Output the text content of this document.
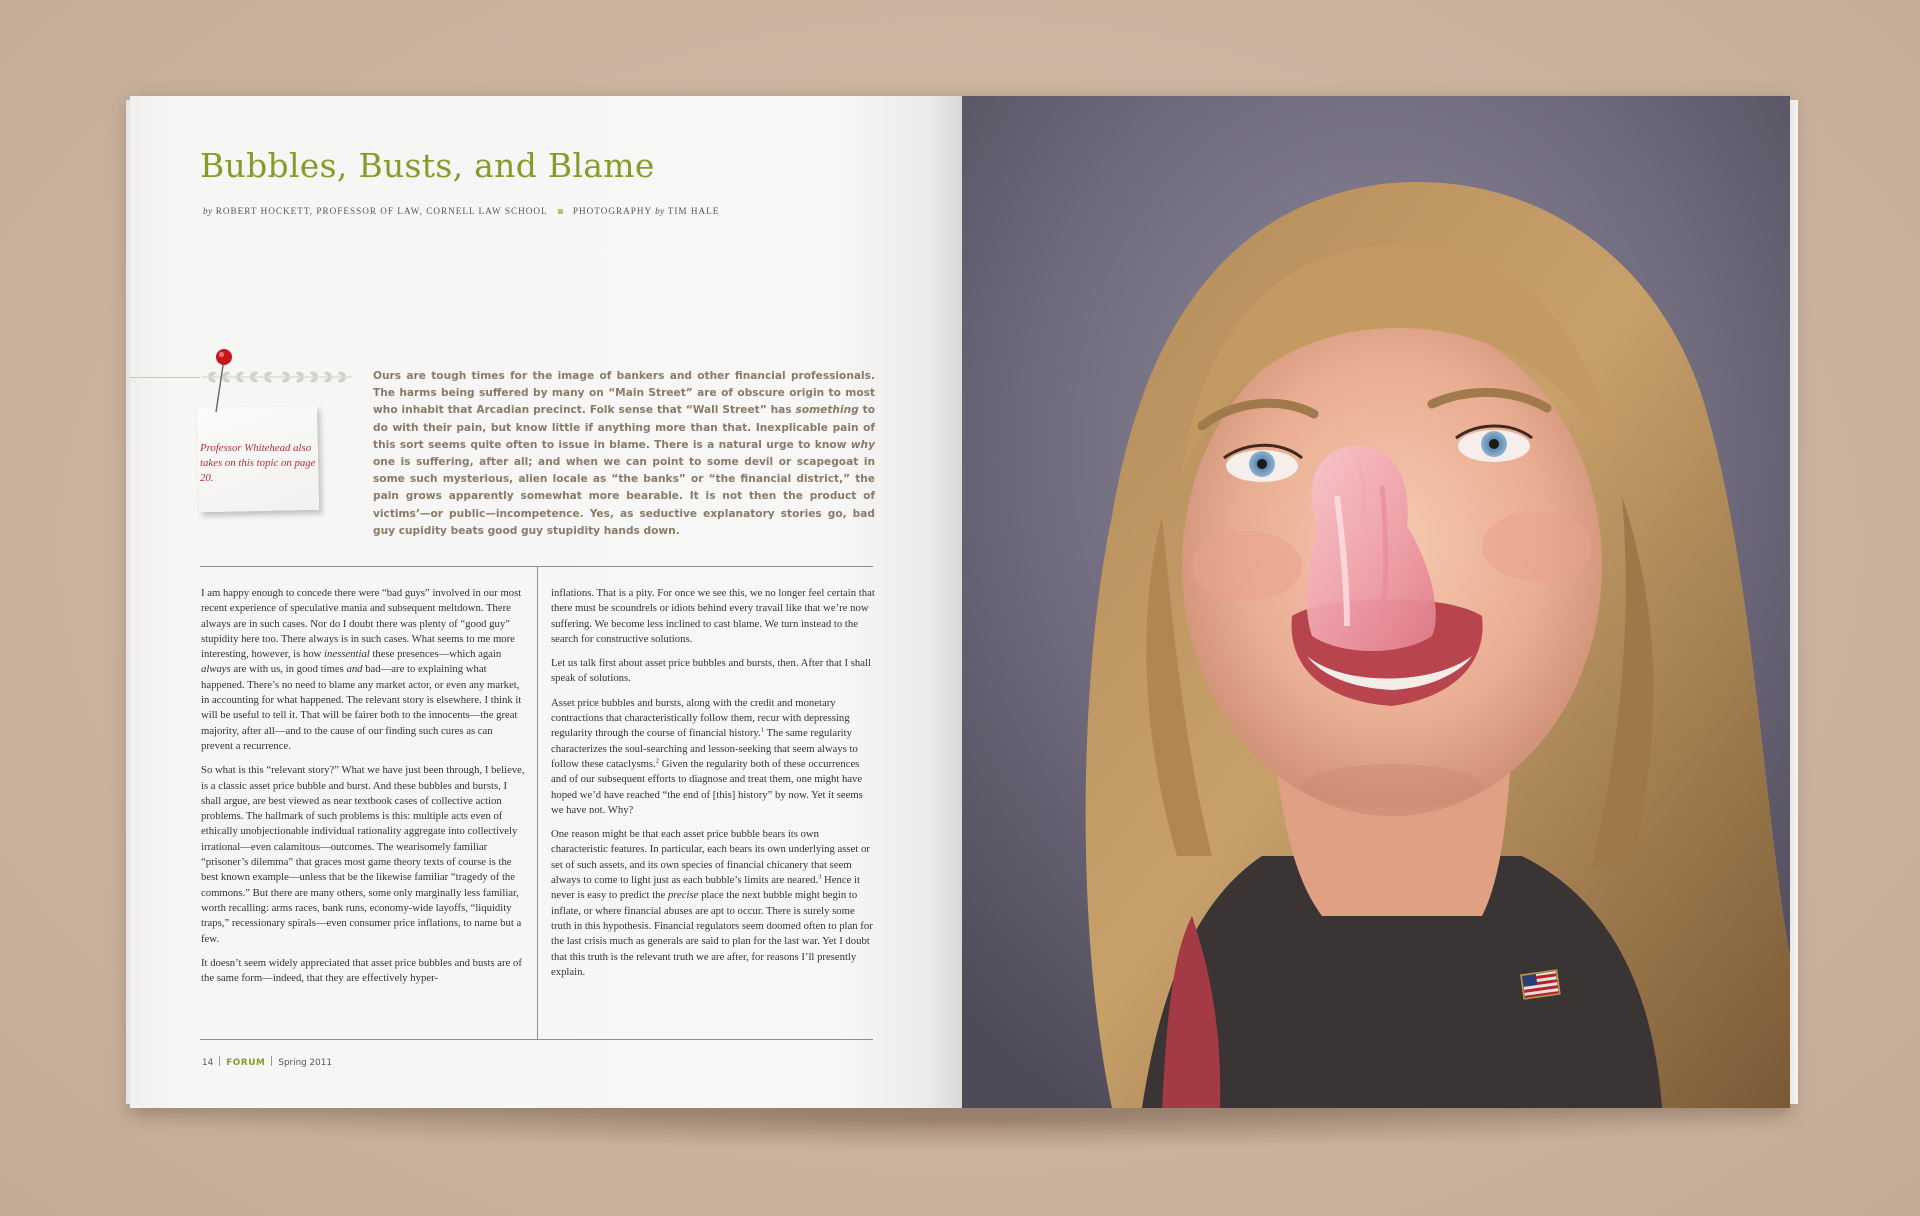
Bubbles, Busts, and Blame
by ROBERT HOCKETT, PROFESSOR OF LAW, CORNELL LAW SCHOOL	PHOTOGRAPHY by TIM HALE
Professor Whitehead also takes on this topic on page 20.
Ours are tough times for the image of bankers and other financial professionals. The harms being suffered by many on “Main Street” are of obscure origin to most who inhabit that Arcadian precinct. Folk sense that “Wall Street” has something to do with their pain, but know little if anything more than that. Inexplicable pain of this sort seems quite often to issue in blame. There is a natural urge to know why one is suffering, after all; and when we can point to some devil or scapegoat in some such mysterious, alien locale as “the banks” or “the financial district,” the pain grows apparently somewhat more bearable. It is not then the product of victims’—or public—incompetence. Yes, as seductive explanatory stories go, bad guy cupidity beats good guy stupidity hands down.

I am happy enough to concede there were “bad guys” involved in our most recent experience of speculative mania and subsequent meltdown. There always are in such cases. Nor do I doubt there was plenty of “good guy” stupidity here too. There always is in such cases. What seems to me more interesting, however, is how inessential these presences—which again always are with us, in good times and bad—are to explaining what happened. There’s no need to blame any market actor, or even any market, in accounting for what happened. The relevant story is elsewhere. I think it will be useful to tell it. That will be fairer both to the innocents—the great majority, after all—and to the cause of our finding such cures as can prevent a recurrence.

So what is this “relevant story?” What we have just been through, I believe, is a classic asset price bubble and burst. And these bubbles and bursts, I shall argue, are best viewed as near textbook cases of collective action problems. The hallmark of such problems is this: multiple acts even of ethically unobjectionable individual rationality aggregate into collectively irrational—even calamitous—outcomes. The wearisomely familiar “prisoner’s dilemma” that graces most game theory texts of course is the best known example—unless that be the likewise familiar “tragedy of the commons.” But there are many others, some only marginally less familiar, worth recalling: arms races, bank runs, economy-wide layoffs, “liquidity traps,” recessionary spirals—even consumer price inflations, to name but a few.

It doesn’t seem widely appreciated that asset price bubbles and busts are of the same form—indeed, that they are effectively hyper-

inflations. That is a pity. For once we see this, we no longer feel certain that there must be scoundrels or idiots behind every travail like that we’re now suffering. We become less inclined to cast blame. We turn instead to the search for constructive solutions.

Let us talk first about asset price bubbles and bursts, then. After that I shall speak of solutions.

Asset price bubbles and bursts, along with the credit and monetary contractions that characteristically follow them, recur with depressing regularity through the course of financial history.$^1$ The same regularity characterizes the soul-searching and lesson-seeking that seem always to follow these cataclysms.$^2$ Given the regularity both of these occurrences and of our subsequent efforts to diagnose and treat them, one might have hoped we’d have reached “the end of [this] history” by now. Yet it seems we have not. Why?

One reason might be that each asset price bubble bears its own characteristic features. In particular, each bears its own underlying asset or set of such assets, and its own species of financial chicanery that seem always to come to light just as each bubble’s limits are neared.$^3$ Hence it never is easy to predict the precise place the next bubble might begin to inflate, or where financial abuses are apt to occur. There is surely some truth in this hypothesis. Financial regulators seem doomed often to plan for the last crisis much as generals are said to plan for the last war. Yet I doubt that this truth is the relevant truth we are after, for reasons I’ll presently explain.

14 FORUM Spring 2011
